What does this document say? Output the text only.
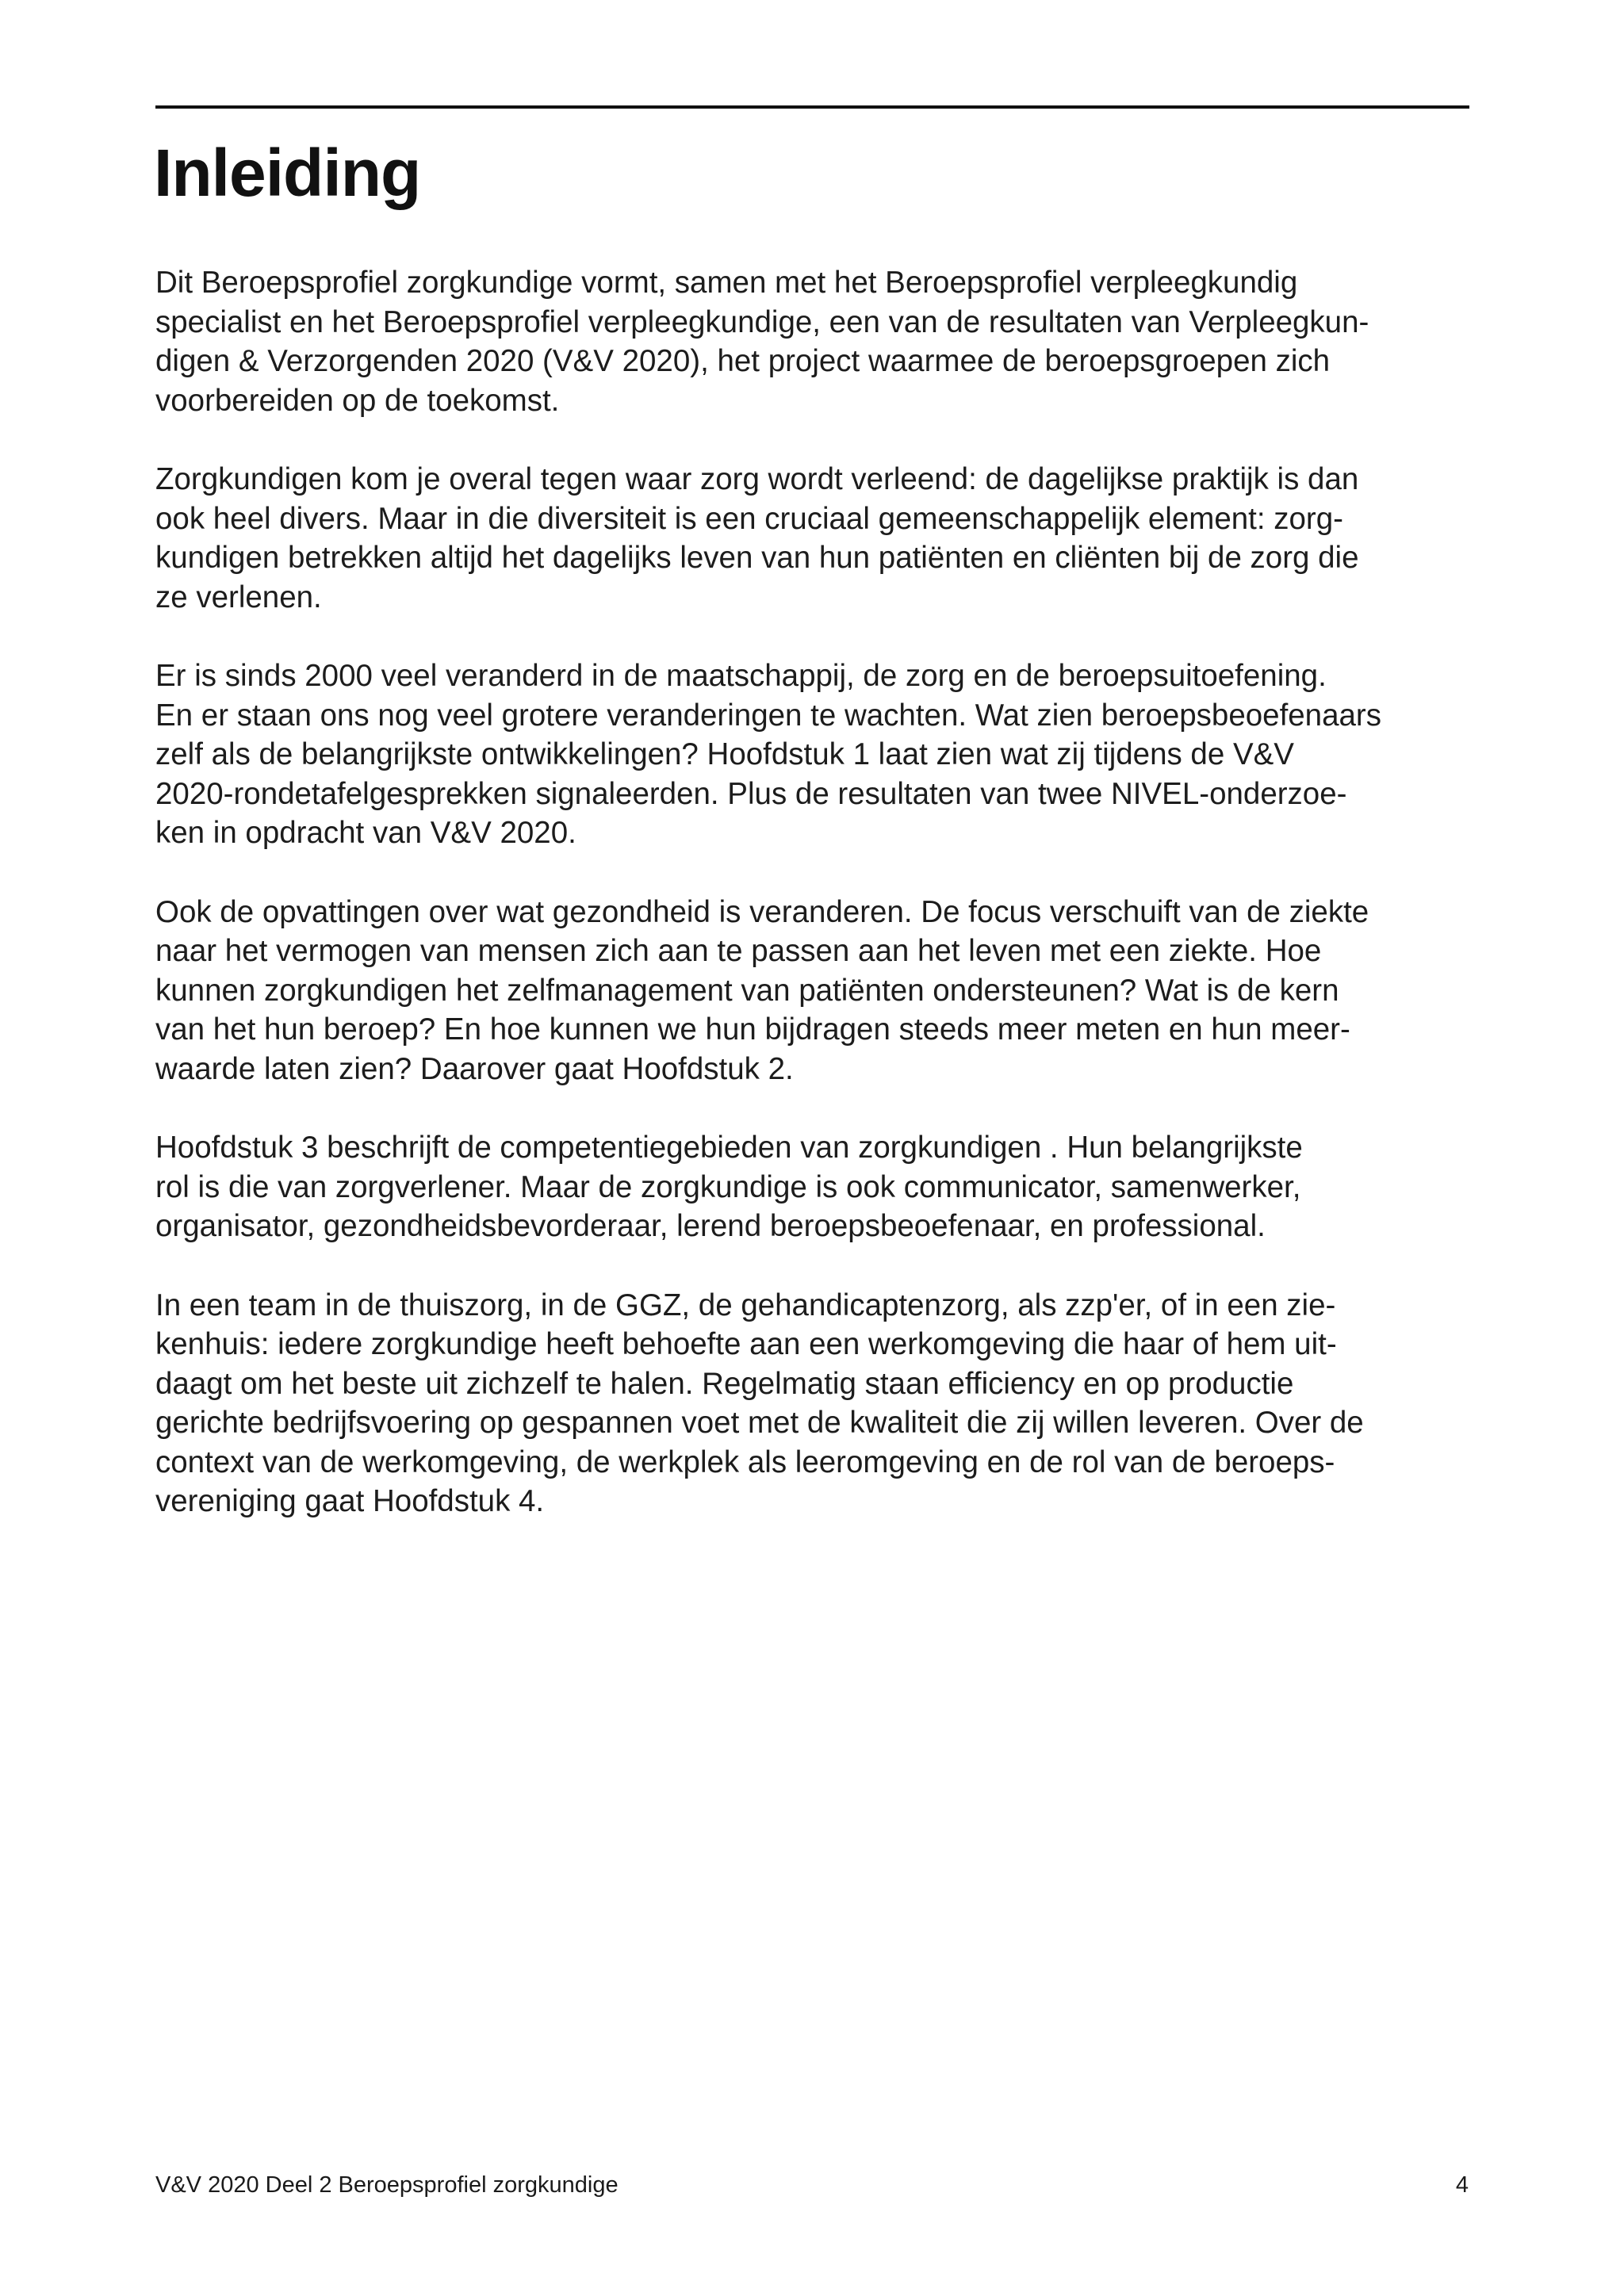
Inleiding

Dit Beroepsprofiel zorgkundige vormt, samen met het Beroepsprofiel verpleegkundig
specialist en het Beroepsprofiel verpleegkundige, een van de resultaten van Verpleegkun-
digen & Verzorgenden 2020 (V&V 2020), het project waarmee de beroepsgroepen zich
voorbereiden op de toekomst.

Zorgkundigen kom je overal tegen waar zorg wordt verleend: de dagelijkse praktijk is dan
ook heel divers. Maar in die diversiteit is een cruciaal gemeenschappelijk element: zorg-
kundigen betrekken altijd het dagelijks leven van hun patiënten en cliënten bij de zorg die
ze verlenen.

Er is sinds 2000 veel veranderd in de maatschappij, de zorg en de beroepsuitoefening.
En er staan ons nog veel grotere veranderingen te wachten. Wat zien beroepsbeoefenaars
zelf als de belangrijkste ontwikkelingen? Hoofdstuk 1 laat zien wat zij tijdens de V&V
2020-rondetafelgesprekken signaleerden. Plus de resultaten van twee NIVEL-onderzoe-
ken in opdracht van V&V 2020.

Ook de opvattingen over wat gezondheid is veranderen. De focus verschuift van de ziekte
naar het vermogen van mensen zich aan te passen aan het leven met een ziekte. Hoe
kunnen zorgkundigen het zelfmanagement van patiënten ondersteunen? Wat is de kern
van het hun beroep? En hoe kunnen we hun bijdragen steeds meer meten en hun meer-
waarde laten zien? Daarover gaat Hoofdstuk 2.

Hoofdstuk 3 beschrijft de competentiegebieden van zorgkundigen . Hun belangrijkste
rol is die van zorgverlener. Maar de zorgkundige is ook communicator, samenwerker,
organisator, gezondheidsbevorderaar, lerend beroepsbeoefenaar, en professional.

In een team in de thuiszorg, in de GGZ, de gehandicaptenzorg, als zzp'er, of in een zie-
kenhuis: iedere zorgkundige heeft behoefte aan een werkomgeving die haar of hem uit-
daagt om het beste uit zichzelf te halen. Regelmatig staan efficiency en op productie
gerichte bedrijfsvoering op gespannen voet met de kwaliteit die zij willen leveren. Over de
context van de werkomgeving, de werkplek als leeromgeving en de rol van de beroeps-
vereniging gaat Hoofdstuk 4.

V&V 2020 Deel 2 Beroepsprofiel zorgkundige	4
